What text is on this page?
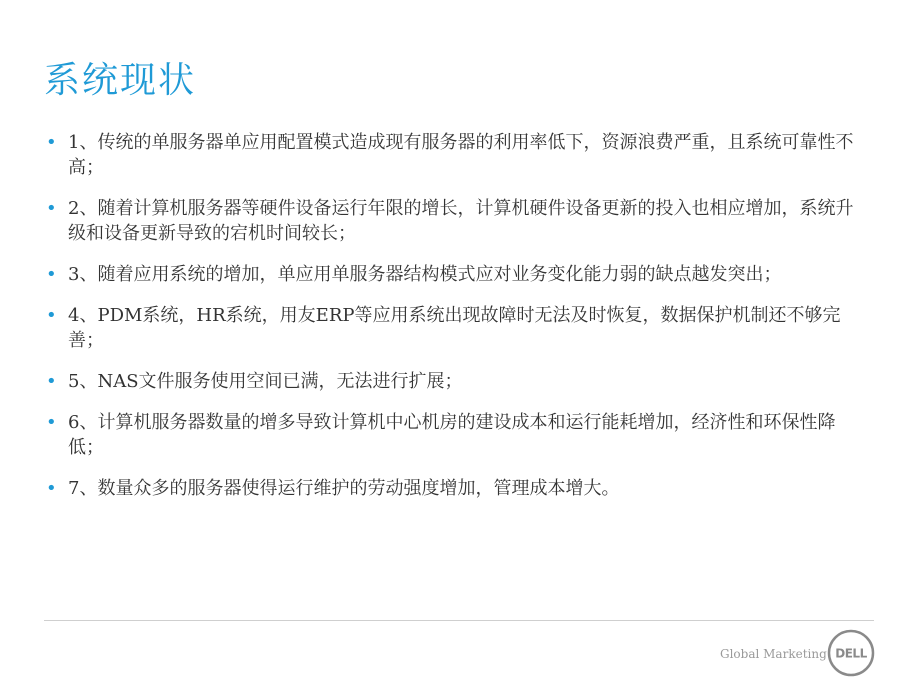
系统现状
• 1、传统的单服务器单应用配置模式造成现有服务器的利用率低下，资源浪费严重，且系统可靠性不高；
• 2、随着计算机服务器等硬件设备运行年限的增长，计算机硬件设备更新的投入也相应增加，系统升级和设备更新导致的宕机时间较长；
• 3、随着应用系统的增加，单应用单服务器结构模式应对业务变化能力弱的缺点越发突出；
• 4、PDM系统，HR系统，用友ERP等应用系统出现故障时无法及时恢复，数据保护机制还不够完善；
• 5、NAS文件服务使用空间已满，无法进行扩展；
• 6、计算机服务器数量的增多导致计算机中心机房的建设成本和运行能耗增加，经济性和环保性降低；
• 7、数量众多的服务器使得运行维护的劳动强度增加，管理成本增大。
Global Marketing DELL
